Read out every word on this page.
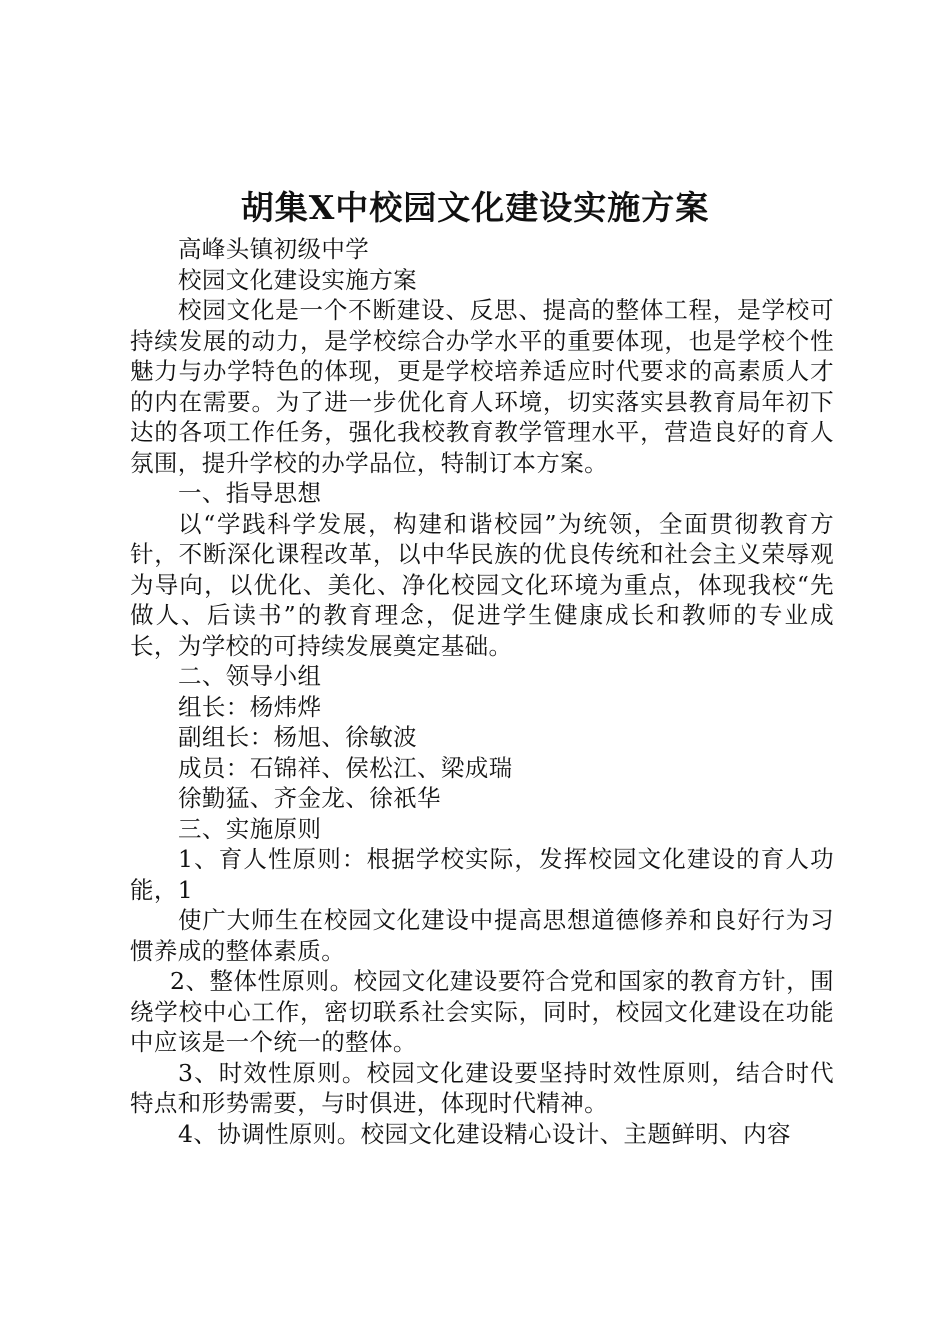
胡集X中校园文化建设实施方案

高峰头镇初级中学

校园文化建设实施方案

校园文化是一个不断建设、反思、提高的整体工程，是学校可持续发展的动力，是学校综合办学水平的重要体现，也是学校个性魅力与办学特色的体现，更是学校培养适应时代要求的高素质人才的内在需要。为了进一步优化育人环境，切实落实县教育局年初下达的各项工作任务，强化我校教育教学管理水平，营造良好的育人氛围，提升学校的办学品位，特制订本方案。

一、指导思想

以“学践科学发展，构建和谐校园”为统领，全面贯彻教育方针，不断深化课程改革，以中华民族的优良传统和社会主义荣辱观为导向，以优化、美化、净化校园文化环境为重点，体现我校“先做人、后读书”的教育理念，促进学生健康成长和教师的专业成长，为学校的可持续发展奠定基础。

二、领导小组

组长：杨炜烨

副组长：杨旭、徐敏波

成员：石锦祥、侯松江、梁成瑞

徐勤猛、齐金龙、徐祇华

三、实施原则

1、育人性原则：根据学校实际，发挥校园文化建设的育人功能，1

使广大师生在校园文化建设中提高思想道德修养和良好行为习惯养成的整体素质。

2、整体性原则。校园文化建设要符合党和国家的教育方针，围绕学校中心工作，密切联系社会实际，同时，校园文化建设在功能中应该是一个统一的整体。

3、时效性原则。校园文化建设要坚持时效性原则，结合时代特点和形势需要，与时俱进，体现时代精神。

4、协调性原则。校园文化建设精心设计、主题鲜明、内容
